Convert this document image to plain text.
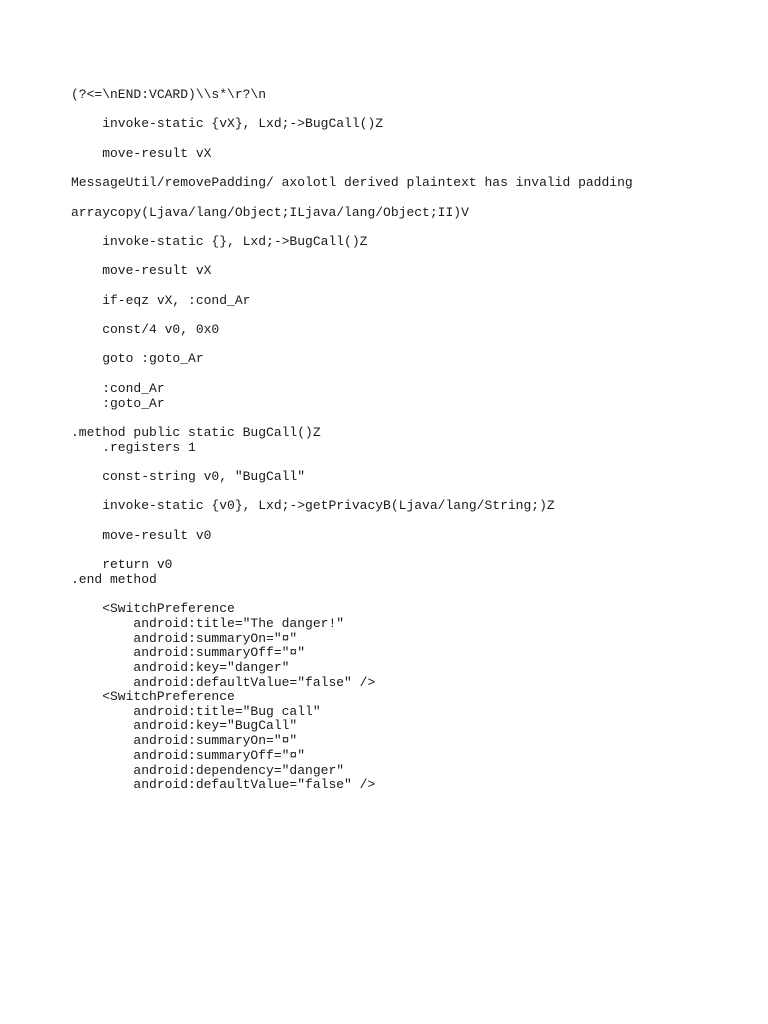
(?<=\nEND:VCARD)\\s*\r?\n
invoke-static {vX}, Lxd;->BugCall()Z
move-result vX
MessageUtil/removePadding/ axolotl derived plaintext has invalid padding
arraycopy(Ljava/lang/Object;ILjava/lang/Object;II)V
invoke-static {}, Lxd;->BugCall()Z
move-result vX
if-eqz vX, :cond_Ar
const/4 v0, 0x0
goto :goto_Ar
:cond_Ar
:goto_Ar
.method public static BugCall()Z
.registers 1
const-string v0, "BugCall"
invoke-static {v0}, Lxd;->getPrivacyB(Ljava/lang/String;)Z
move-result v0
return v0
.end method
<SwitchPreference
android:title="The danger!"
android:summaryOn="¤"
android:summaryOff="¤"
android:key="danger"
android:defaultValue="false" />
<SwitchPreference
android:title="Bug call"
android:key="BugCall"
android:summaryOn="¤"
android:summaryOff="¤"
android:dependency="danger"
android:defaultValue="false" />
